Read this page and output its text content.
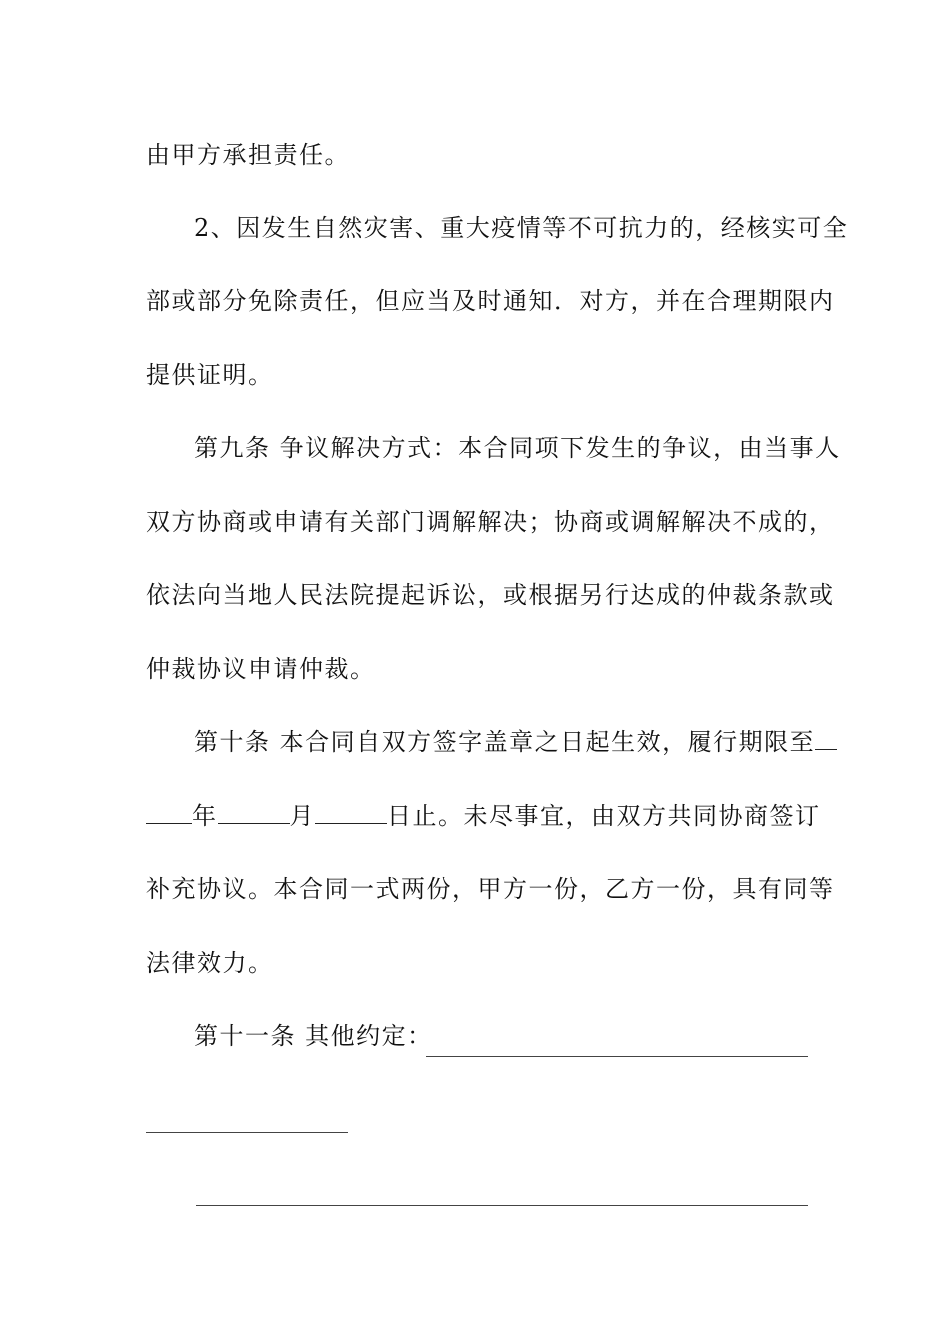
由甲方承担责任。
2、因发生自然灾害、重大疫情等不可抗力的，经核实可全
部或部分免除责任，但应当及时通知．对方，并在合理期限内
提供证明。
第九条 争议解决方式：本合同项下发生的争议，由当事人
双方协商或申请有关部门调解解决；协商或调解解决不成的，
依法向当地人民法院提起诉讼，或根据另行达成的仲裁条款或
仲裁协议申请仲裁。
第十条 本合同自双方签字盖章之日起生效，履行期限至
年	月	日止。未尽事宜，由双方共同协商签订
补充协议。本合同一式两份，甲方一份，乙方一份，具有同等
法律效力。
第十一条 其他约定：
